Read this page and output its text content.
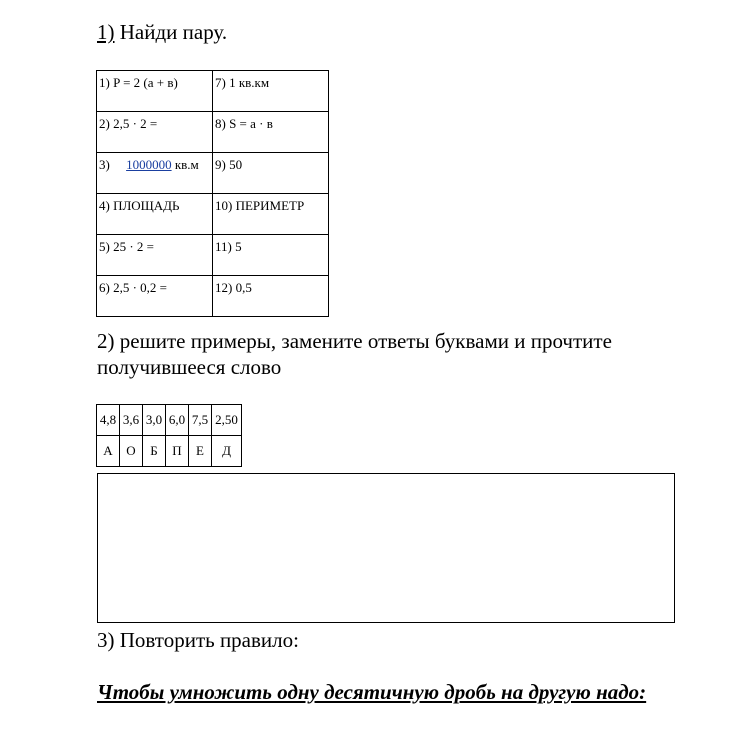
1) Найди пару.
1) P = 2 (а + в)	7) 1 кв.км
2) 2,5 · 2 =	8) S = a · в
3)     1000000 кв.м	9) 50
4) ПЛОЩАДЬ	10) ПЕРИМЕТР
5) 25 · 2 =	11) 5
6) 2,5 · 0,2 =	12) 0,5
2) решите примеры, замените ответы буквами и прочтите получившееся слово
4,8	3,6	3,0	6,0	7,5	2,50
А	О	Б	П	Е	Д
3) Повторить правило:
Чтобы умножить одну десятичную дробь на другую надо:
